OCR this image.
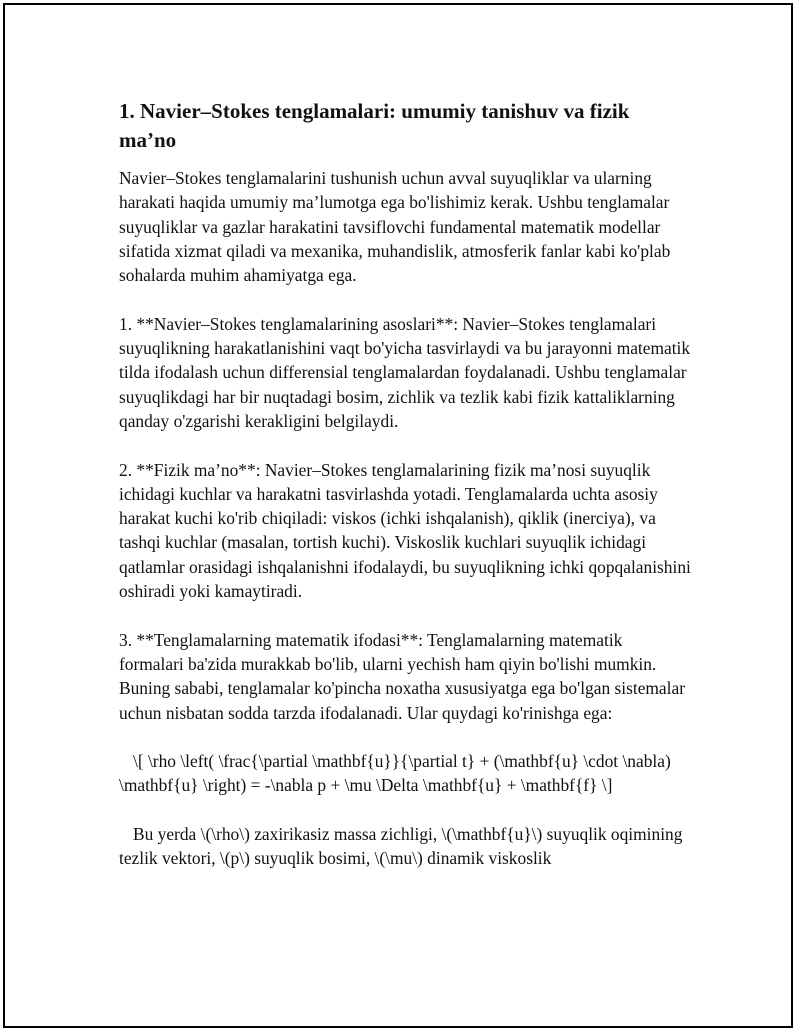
1. Navier–Stokes tenglamalari: umumiy tanishuv va fizik ma’no

Navier–Stokes tenglamalarini tushunish uchun avval suyuqliklar va ularning harakati haqida umumiy ma’lumotga ega bo'lishimiz kerak. Ushbu tenglamalar suyuqliklar va gazlar harakatini tavsiflovchi fundamental matematik modellar sifatida xizmat qiladi va mexanika, muhandislik, atmosferik fanlar kabi ko'plab sohalarda muhim ahamiyatga ega.

1. **Navier–Stokes tenglamalarining asoslari**: Navier–Stokes tenglamalari suyuqlikning harakatlanishini vaqt bo'yicha tasvirlaydi va bu jarayonni matematik tilda ifodalash uchun differensial tenglamalardan foydalanadi. Ushbu tenglamalar suyuqlikdagi har bir nuqtadagi bosim, zichlik va tezlik kabi fizik kattaliklarning qanday o'zgarishi kerakligini belgilaydi.

2. **Fizik ma’no**: Navier–Stokes tenglamalarining fizik ma’nosi suyuqlik ichidagi kuchlar va harakatni tasvirlashda yotadi. Tenglamalarda uchta asosiy harakat kuchi ko'rib chiqiladi: viskos (ichki ishqalanish), qiklik (inerciya), va tashqi kuchlar (masalan, tortish kuchi). Viskoslik kuchlari suyuqlik ichidagi qatlamlar orasidagi ishqalanishni ifodalaydi, bu suyuqlikning ichki qopqalanishini oshiradi yoki kamaytiradi.

3. **Tenglamalarning matematik ifodasi**: Tenglamalarning matematik formalari ba'zida murakkab bo'lib, ularni yechish ham qiyin bo'lishi mumkin. Buning sababi, tenglamalar ko'pincha noxatha xususiyatga ega bo'lgan sistemalar uchun nisbatan sodda tarzda ifodalanadi. Ular quydagi ko'rinishga ega:

\[ \rho \left( \frac{\partial \mathbf{u}}{\partial t} + (\mathbf{u} \cdot \nabla) \mathbf{u} \right) = -\nabla p + \mu \Delta \mathbf{u} + \mathbf{f} \]

Bu yerda \(\rho\) zaxirikasiz massa zichligi, \(\mathbf{u}\) suyuqlik oqimining tezlik vektori, \(p\) suyuqlik bosimi, \(\mu\) dinamik viskoslik
